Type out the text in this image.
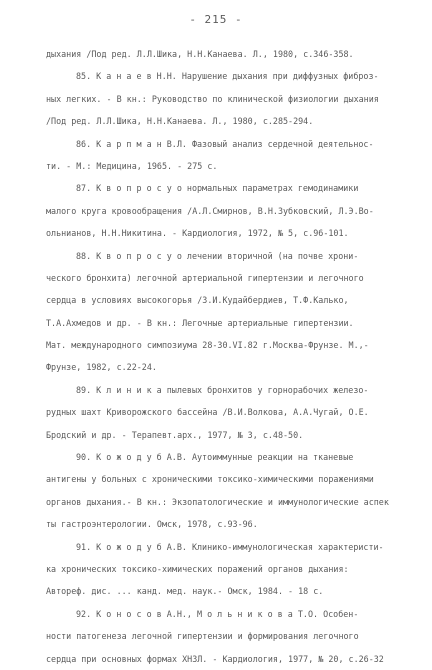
- 215 -
дыхания /Под ред. Л.Л.Шика, Н.Н.Канаева. Л., 1980, с.346-358.
85. К а н а е в Н.Н. Нарушение дыхания при диффузных фиброз-
ных легких. - В кн.: Руководство по клинической физиологии дыхания
/Под ред. Л.Л.Шика, Н.Н.Канаева. Л., 1980, с.285-294.
86. К а р п м а н В.Л. Фазовый анализ сердечной деятельнос-
ти. - М.: Медицина, 1965. - 275 с.
87. К в о п р о с у о нормальных параметрах гемодинамики
малого круга кровообращения /А.Л.Смирнов, В.Н.Зубковский, Л.Э.Во-
ольнианов, Н.Н.Никитина. - Кардиология, 1972, № 5, с.96-101.
88. К в о п р о с у о лечении вторичной (на почве хрони-
ческого бронхита) легочной артериальной гипертензии и легочного
сердца в условиях высокогорья /З.И.Кудайбердиев, Т.Ф.Калько,
Т.А.Ахмедов и др. - В кн.: Легочные артериальные гипертензии.
Мат. международного симпозиума 28-30.VI.82 г.Москва-Фрунзе. М.,-
Фрунзе, 1982, с.22-24.
89. К л и н и к а пылевых бронхитов у горнорабочих железо-
рудных шахт Криворожского бассейна /В.И.Волкова, А.А.Чугай, О.Е.
Бродский и др. - Терапевт.арх., 1977, № 3, с.48-50.
90. К о ж о д у б А.В. Аутоиммунные реакции на тканевые
антигены у больных с хроническими токсико-химическими поражениями
органов дыхания.- В кн.: Экзопатологические и иммунологические аспек
ты гастроэнтерологии. Омск, 1978, с.93-96.
91. К о ж о д у б А.В. Клинико-иммунологическая характеристи-
ка хронических токсико-химических поражений органов дыхания:
Автореф. дис. ... канд. мед. наук.- Омск, 1984. - 18 с.
92. К о н о с о в А.Н., М о л ь н и к о в а Т.О. Особен-
ности патогенеза легочной гипертензии и формирования легочного
сердца при основных формах ХНЗЛ. - Кардиология, 1977, № 20, с.26-32
